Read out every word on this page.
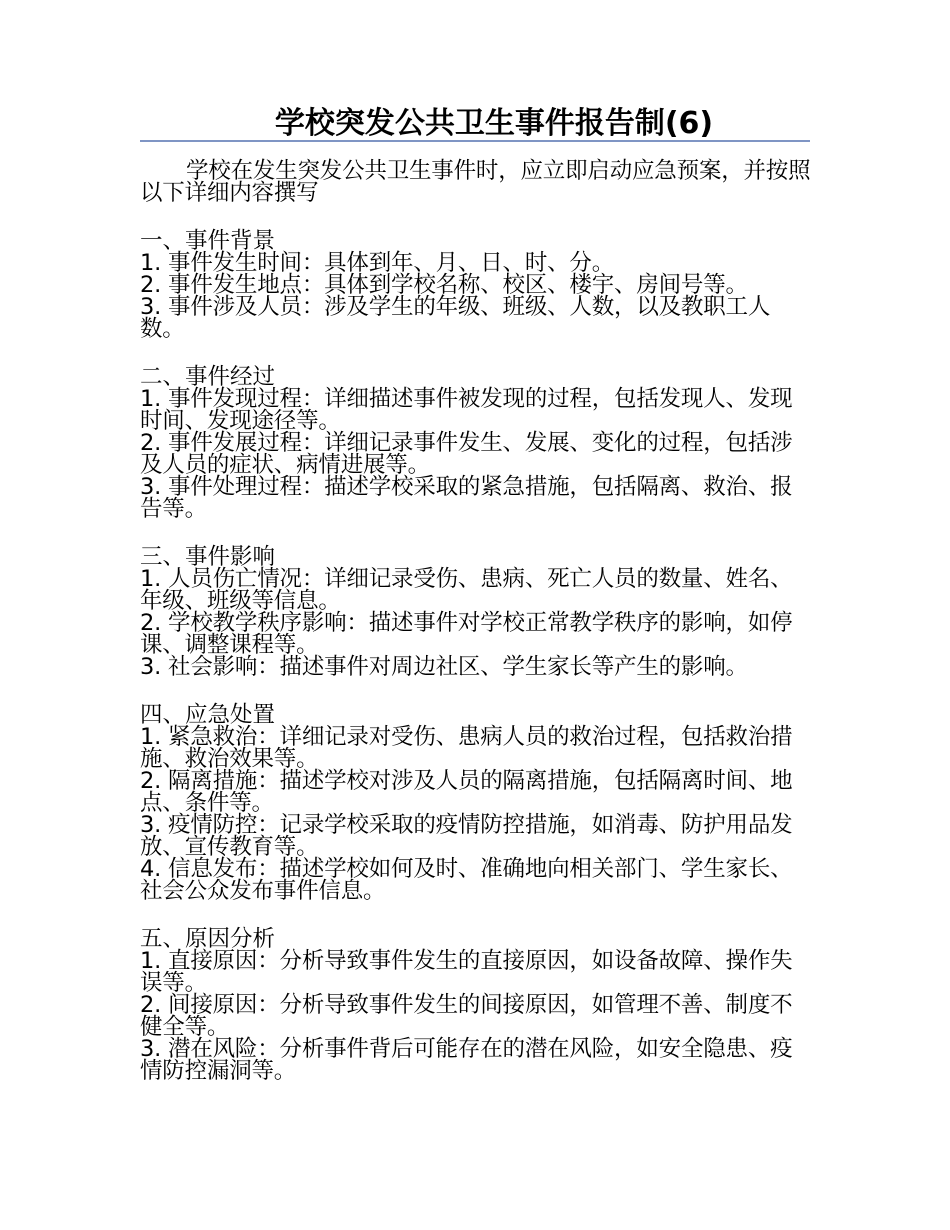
学校突发公共卫生事件报告制(6)

学校在发生突发公共卫生事件时，应立即启动应急预案，并按照以下详细内容撰写

一、事件背景

1. 事件发生时间：具体到年、月、日、时、分。
2. 事件发生地点：具体到学校名称、校区、楼宇、房间号等。
3. 事件涉及人员：涉及学生的年级、班级、人数，以及教职工人数。

二、事件经过

1. 事件发现过程：详细描述事件被发现的过程，包括发现人、发现时间、发现途径等。
2. 事件发展过程：详细记录事件发生、发展、变化的过程，包括涉及人员的症状、病情进展等。
3. 事件处理过程：描述学校采取的紧急措施，包括隔离、救治、报告等。

三、事件影响

1. 人员伤亡情况：详细记录受伤、患病、死亡人员的数量、姓名、年级、班级等信息。
2. 学校教学秩序影响：描述事件对学校正常教学秩序的影响，如停课、调整课程等。
3. 社会影响：描述事件对周边社区、学生家长等产生的影响。

四、应急处置

1. 紧急救治：详细记录对受伤、患病人员的救治过程，包括救治措施、救治效果等。
2. 隔离措施：描述学校对涉及人员的隔离措施，包括隔离时间、地点、条件等。
3. 疫情防控：记录学校采取的疫情防控措施，如消毒、防护用品发放、宣传教育等。
4. 信息发布：描述学校如何及时、准确地向相关部门、学生家长、社会公众发布事件信息。

五、原因分析

1. 直接原因：分析导致事件发生的直接原因，如设备故障、操作失误等。
2. 间接原因：分析导致事件发生的间接原因，如管理不善、制度不健全等。
3. 潜在风险：分析事件背后可能存在的潜在风险，如安全隐患、疫情防控漏洞等。
